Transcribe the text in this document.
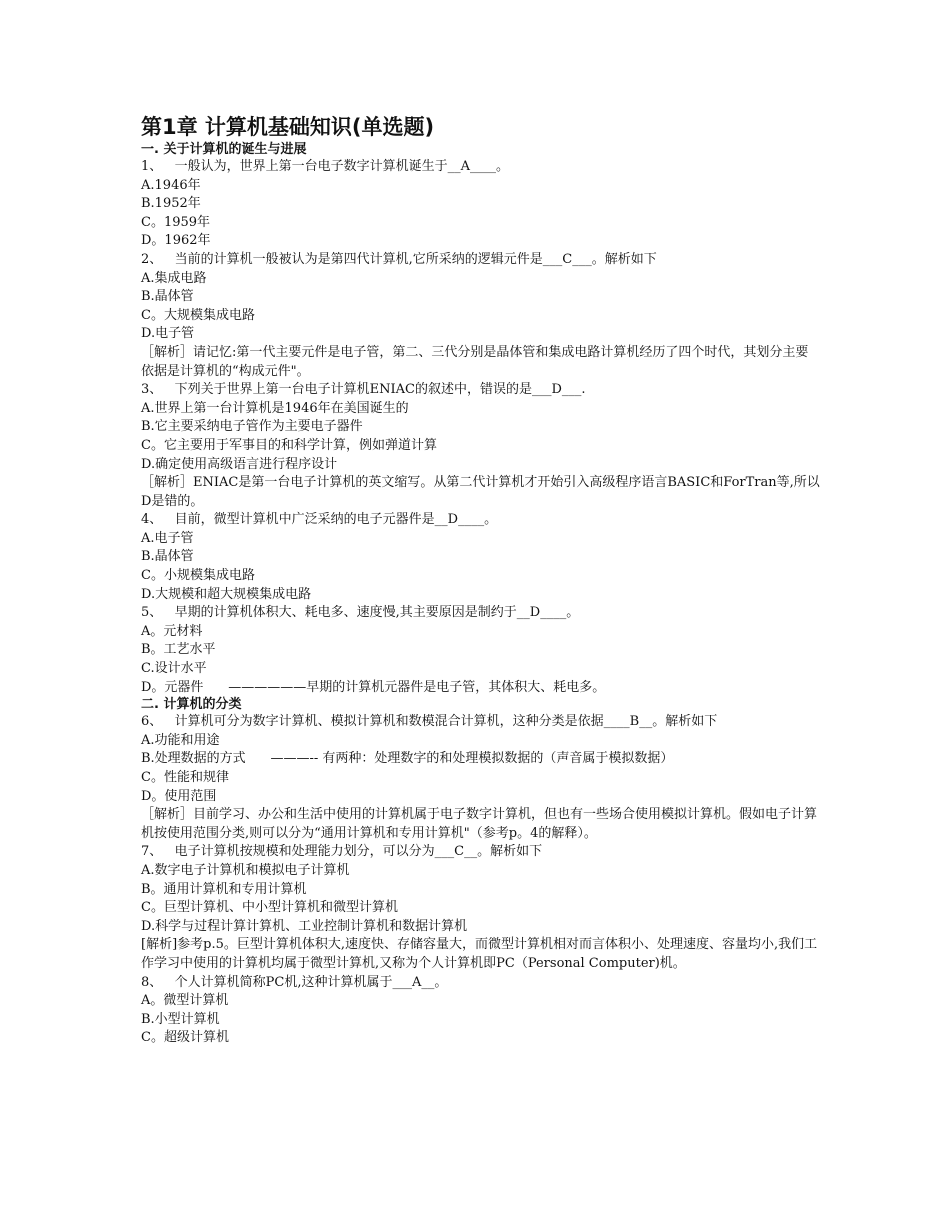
第1章 计算机基础知识(单选题)
一. 关于计算机的诞生与进展
1、   一般认为，世界上第一台电子数字计算机诞生于__A____。
A.1946年
B.1952年
C。1959年
D。1962年
2、   当前的计算机一般被认为是第四代计算机,它所采纳的逻辑元件是___C___。解析如下
A.集成电路
B.晶体管
C。大规模集成电路
D.电子管
［解析］请记忆:第一代主要元件是电子管，第二、三代分别是晶体管和集成电路计算机经历了四个时代，其划分主要依据是计算机的“构成元件"。
3、   下列关于世界上第一台电子计算机ENIAC的叙述中，错误的是___D___.
A.世界上第一台计算机是1946年在美国诞生的
B.它主要采纳电子管作为主要电子器件
C。它主要用于军事目的和科学计算，例如弹道计算
D.确定使用高级语言进行程序设计
［解析］ENIAC是第一台电子计算机的英文缩写。从第二代计算机才开始引入高级程序语言BASIC和ForTran等,所以D是错的。
4、   目前，微型计算机中广泛采纳的电子元器件是__D____。
A.电子管
B.晶体管
C。小规模集成电路
D.大规模和超大规模集成电路
5、   早期的计算机体积大、耗电多、速度慢,其主要原因是制约于__D____。
A。元材料
B。工艺水平
C.设计水平
D。元器件      ——————早期的计算机元器件是电子管，其体积大、耗电多。
二. 计算机的分类
6、   计算机可分为数字计算机、模拟计算机和数模混合计算机，这种分类是依据____B__。解析如下
A.功能和用途
B.处理数据的方式      ———-- 有两种：处理数字的和处理模拟数据的（声音属于模拟数据）
C。性能和规律
D。使用范围
［解析］目前学习、办公和生活中使用的计算机属于电子数字计算机，但也有一些场合使用模拟计算机。假如电子计算机按使用范围分类,则可以分为“通用计算机和专用计算机"（参考p。4的解释）。
7、   电子计算机按规模和处理能力划分，可以分为___C__。解析如下
A.数字电子计算机和模拟电子计算机
B。通用计算机和专用计算机
C。巨型计算机、中小型计算机和微型计算机
D.科学与过程计算计算机、工业控制计算机和数据计算机
[解析]参考p.5。巨型计算机体积大,速度快、存储容量大，而微型计算机相对而言体积小、处理速度、容量均小,我们工作学习中使用的计算机均属于微型计算机,又称为个人计算机即PC（Personal Computer)机。
8、   个人计算机简称PC机,这种计算机属于___A__。
A。微型计算机
B.小型计算机
C。超级计算机
